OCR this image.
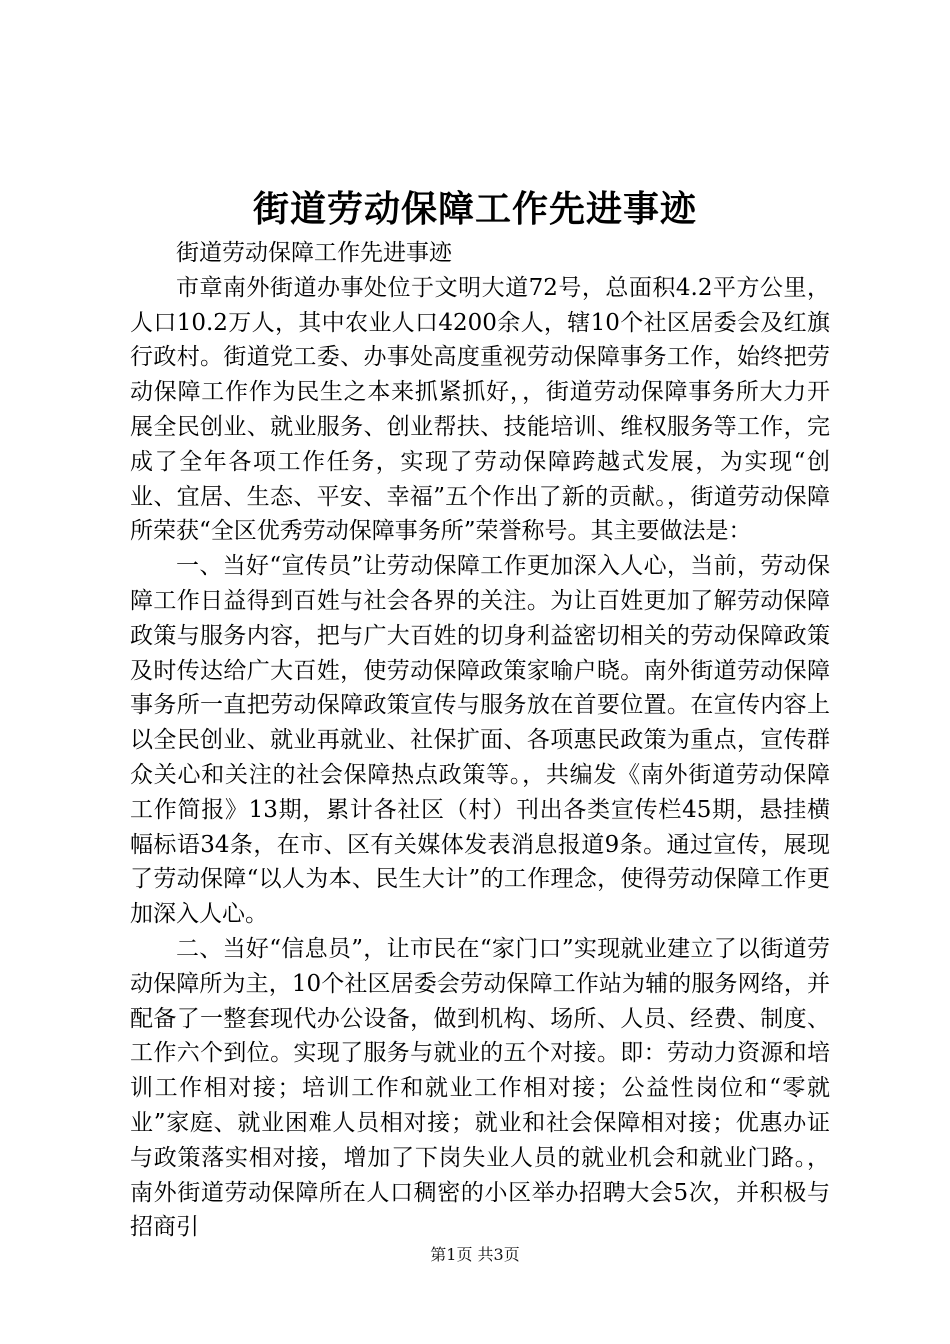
街道劳动保障工作先进事迹

街道劳动保障工作先进事迹

市章南外街道办事处位于文明大道72号，总面积4.2平方公里，人口10.2万人，其中农业人口4200余人，辖10个社区居委会及红旗行政村。街道党工委、办事处高度重视劳动保障事务工作，始终把劳动保障工作作为民生之本来抓紧抓好，，街道劳动保障事务所大力开展全民创业、就业服务、创业帮扶、技能培训、维权服务等工作，完成了全年各项工作任务，实现了劳动保障跨越式发展，为实现“创业、宜居、生态、平安、幸福”五个作出了新的贡献。，街道劳动保障所荣获“全区优秀劳动保障事务所”荣誉称号。其主要做法是：

一、当好“宣传员”让劳动保障工作更加深入人心，当前，劳动保障工作日益得到百姓与社会各界的关注。为让百姓更加了解劳动保障政策与服务内容，把与广大百姓的切身利益密切相关的劳动保障政策及时传达给广大百姓，使劳动保障政策家喻户晓。南外街道劳动保障事务所一直把劳动保障政策宣传与服务放在首要位置。在宣传内容上以全民创业、就业再就业、社保扩面、各项惠民政策为重点，宣传群众关心和关注的社会保障热点政策等。，共编发《南外街道劳动保障工作简报》13期，累计各社区（村）刊出各类宣传栏45期，悬挂横幅标语34条，在市、区有关媒体发表消息报道9条。通过宣传，展现了劳动保障“以人为本、民生大计”的工作理念，使得劳动保障工作更加深入人心。

二、当好“信息员”，让市民在“家门口”实现就业建立了以街道劳动保障所为主，10个社区居委会劳动保障工作站为辅的服务网络，并配备了一整套现代办公设备，做到机构、场所、人员、经费、制度、工作六个到位。实现了服务与就业的五个对接。即：劳动力资源和培训工作相对接；培训工作和就业工作相对接；公益性岗位和“零就业”家庭、就业困难人员相对接；就业和社会保障相对接；优惠办证与政策落实相对接，增加了下岗失业人员的就业机会和就业门路。，南外街道劳动保障所在人口稠密的小区举办招聘大会5次，并积极与招商引

第1页 共3页
